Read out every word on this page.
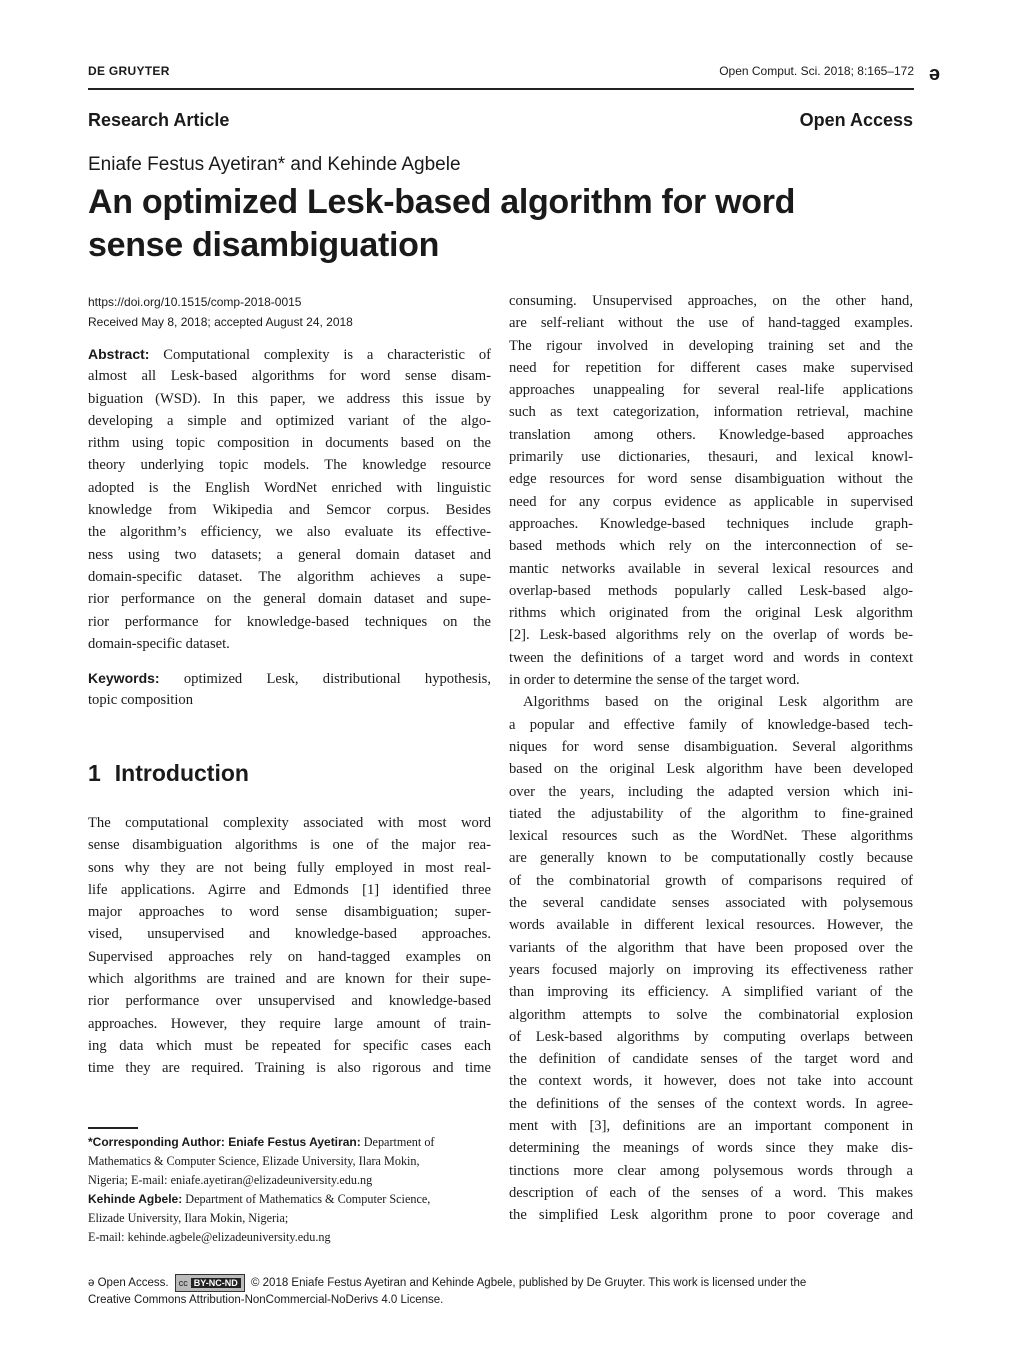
DE GRUYTER	Open Comput. Sci. 2018; 8:165–172 ə
Research Article	Open Access
Eniafe Festus Ayetiran* and Kehinde Agbele
An optimized Lesk-based algorithm for word
sense disambiguation
https://doi.org/10.1515/comp-2018-0015
Received May 8, 2018; accepted August 24, 2018
Abstract: Computational complexity is a characteristic of
almost all Lesk-based algorithms for word sense disam-
biguation (WSD). In this paper, we address this issue by
developing a simple and optimized variant of the algo-
rithm using topic composition in documents based on the
theory underlying topic models. The knowledge resource
adopted is the English WordNet enriched with linguistic
knowledge from Wikipedia and Semcor corpus. Besides
the algorithm’s efficiency, we also evaluate its effective-
ness using two datasets; a general domain dataset and
domain-specific dataset. The algorithm achieves a supe-
rior performance on the general domain dataset and supe-
rior performance for knowledge-based techniques on the
domain-specific dataset.
Keywords: optimized Lesk, distributional hypothesis,
topic composition
1 Introduction
The computational complexity associated with most word
sense disambiguation algorithms is one of the major rea-
sons why they are not being fully employed in most real-
life applications. Agirre and Edmonds [1] identified three
major approaches to word sense disambiguation; super-
vised, unsupervised and knowledge-based approaches.
Supervised approaches rely on hand-tagged examples on
which algorithms are trained and are known for their supe-
rior performance over unsupervised and knowledge-based
approaches. However, they require large amount of train-
ing data which must be repeated for specific cases each
time they are required. Training is also rigorous and time
*Corresponding Author: Eniafe Festus Ayetiran: Department of
Mathematics & Computer Science, Elizade University, Ilara Mokin,
Nigeria; E-mail: eniafe.ayetiran@elizadeuniversity.edu.ng
Kehinde Agbele: Department of Mathematics & Computer Science,
Elizade University, Ilara Mokin, Nigeria;
E-mail: kehinde.agbele@elizadeuniversity.edu.ng
consuming. Unsupervised approaches, on the other hand,
are self-reliant without the use of hand-tagged examples.
The rigour involved in developing training set and the
need for repetition for different cases make supervised
approaches unappealing for several real-life applications
such as text categorization, information retrieval, machine
translation among others. Knowledge-based approaches
primarily use dictionaries, thesauri, and lexical knowl-
edge resources for word sense disambiguation without the
need for any corpus evidence as applicable in supervised
approaches. Knowledge-based techniques include graph-
based methods which rely on the interconnection of se-
mantic networks available in several lexical resources and
overlap-based methods popularly called Lesk-based algo-
rithms which originated from the original Lesk algorithm
[2]. Lesk-based algorithms rely on the overlap of words be-
tween the definitions of a target word and words in context
in order to determine the sense of the target word.
Algorithms based on the original Lesk algorithm are
a popular and effective family of knowledge-based tech-
niques for word sense disambiguation. Several algorithms
based on the original Lesk algorithm have been developed
over the years, including the adapted version which ini-
tiated the adjustability of the algorithm to fine-grained
lexical resources such as the WordNet. These algorithms
are generally known to be computationally costly because
of the combinatorial growth of comparisons required of
the several candidate senses associated with polysemous
words available in different lexical resources. However, the
variants of the algorithm that have been proposed over the
years focused majorly on improving its effectiveness rather
than improving its efficiency. A simplified variant of the
algorithm attempts to solve the combinatorial explosion
of Lesk-based algorithms by computing overlaps between
the definition of candidate senses of the target word and
the context words, it however, does not take into account
the definitions of the senses of the context words. In agree-
ment with [3], definitions are an important component in
determining the meanings of words since they make dis-
tinctions more clear among polysemous words through a
description of each of the senses of a word. This makes
the simplified Lesk algorithm prone to poor coverage and
ə Open Access. cc BY-NC-ND © 2018 Eniafe Festus Ayetiran and Kehinde Agbele, published by De Gruyter. This work is licensed under the
Creative Commons Attribution-NonCommercial-NoDerivs 4.0 License.
